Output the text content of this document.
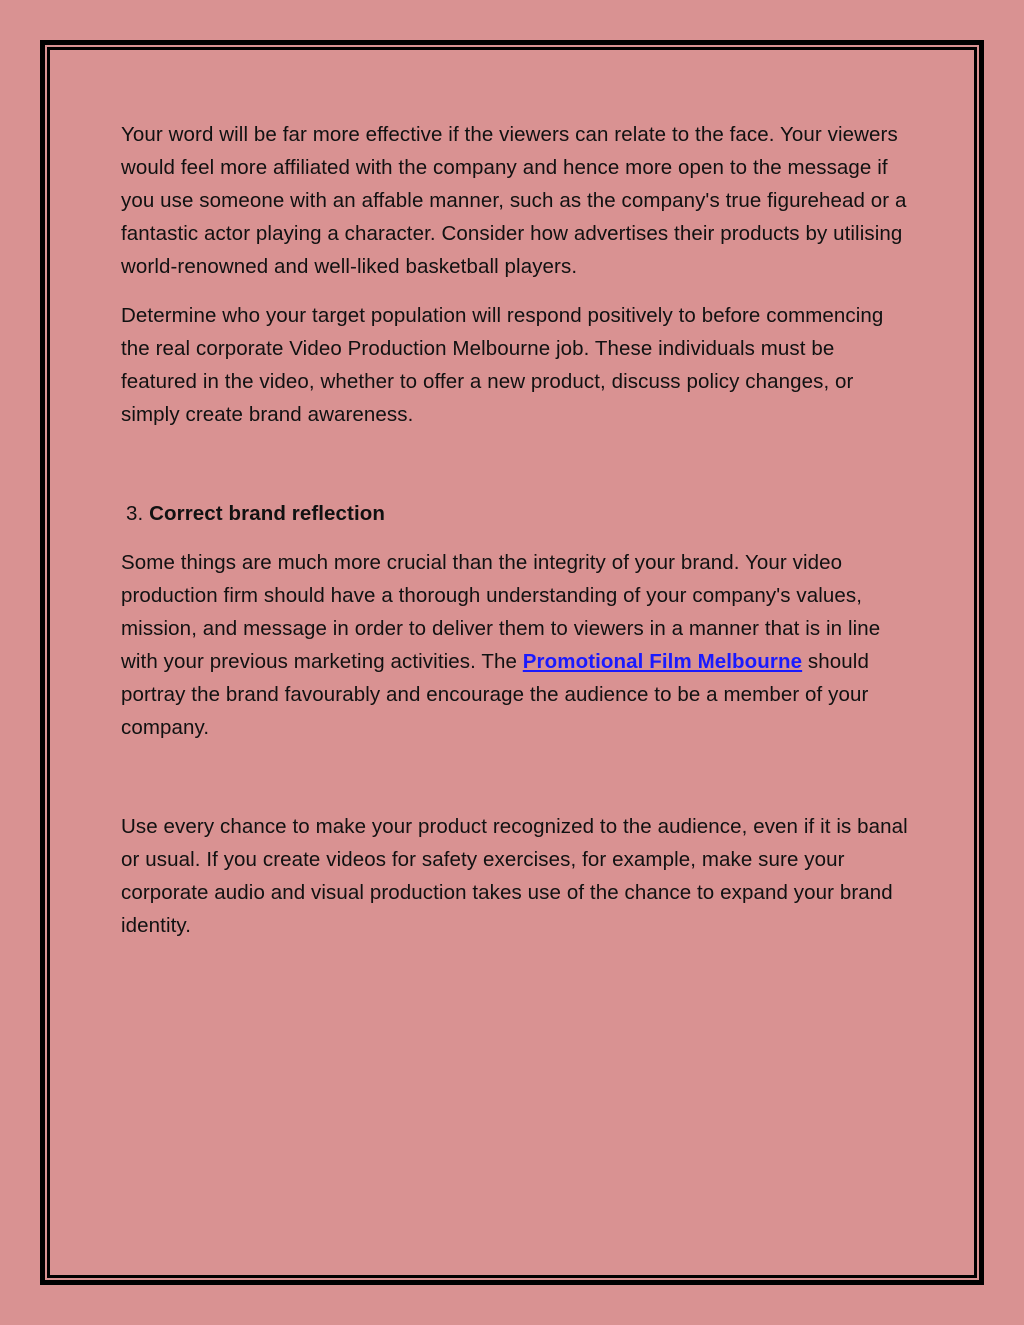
Your word will be far more effective if the viewers can relate to the face. Your viewers would feel more affiliated with the company and hence more open to the message if you use someone with an affable manner, such as the company's true figurehead or a fantastic actor playing a character. Consider how advertises their products by utilising world-renowned and well-liked basketball players.

Determine who your target population will respond positively to before commencing the real corporate Video Production Melbourne job. These individuals must be featured in the video, whether to offer a new product, discuss policy changes, or simply create brand awareness.

3. Correct brand reflection

Some things are much more crucial than the integrity of your brand. Your video production firm should have a thorough understanding of your company's values, mission, and message in order to deliver them to viewers in a manner that is in line with your previous marketing activities. The Promotional Film Melbourne should portray the brand favourably and encourage the audience to be a member of your company.

Use every chance to make your product recognized to the audience, even if it is banal or usual. If you create videos for safety exercises, for example, make sure your corporate audio and visual production takes use of the chance to expand your brand identity.
